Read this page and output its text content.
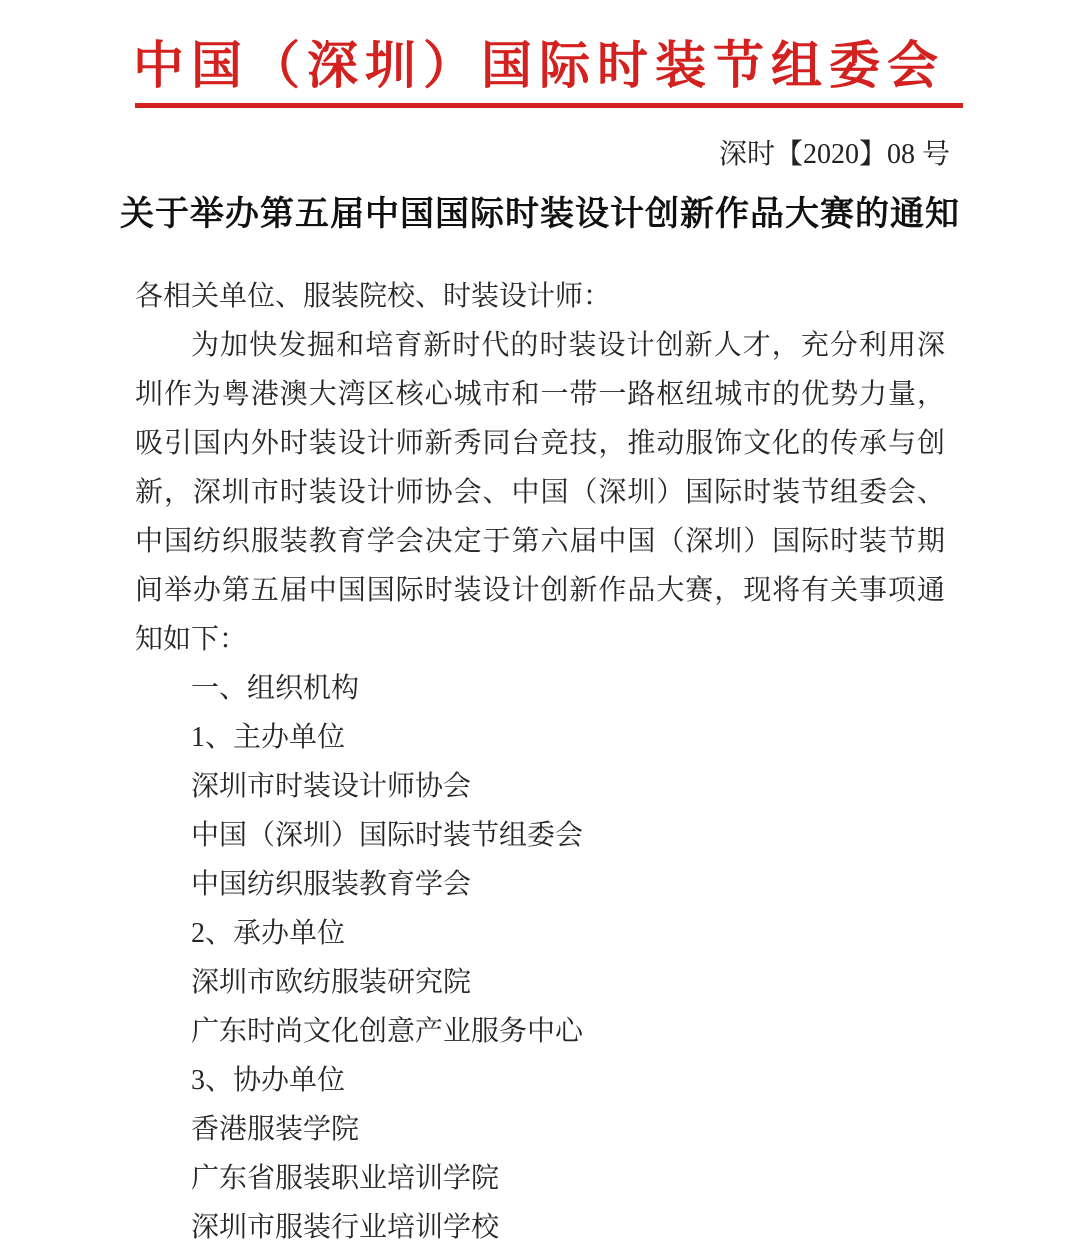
中国（深圳）国际时装节组委会
深时【2020】08 号
关于举办第五届中国国际时装设计创新作品大赛的通知

各相关单位、服装院校、时装设计师：

为加快发掘和培育新时代的时装设计创新人才，充分利用深圳作为粤港澳大湾区核心城市和一带一路枢纽城市的优势力量，吸引国内外时装设计师新秀同台竞技，推动服饰文化的传承与创新，深圳市时装设计师协会、中国（深圳）国际时装节组委会、中国纺织服装教育学会决定于第六届中国（深圳）国际时装节期间举办第五届中国国际时装设计创新作品大赛，现将有关事项通知如下：

一、组织机构

1、主办单位

深圳市时装设计师协会

中国（深圳）国际时装节组委会

中国纺织服装教育学会

2、承办单位

深圳市欧纺服装研究院

广东时尚文化创意产业服务中心

3、协办单位

香港服装学院

广东省服装职业培训学院

深圳市服装行业培训学校
